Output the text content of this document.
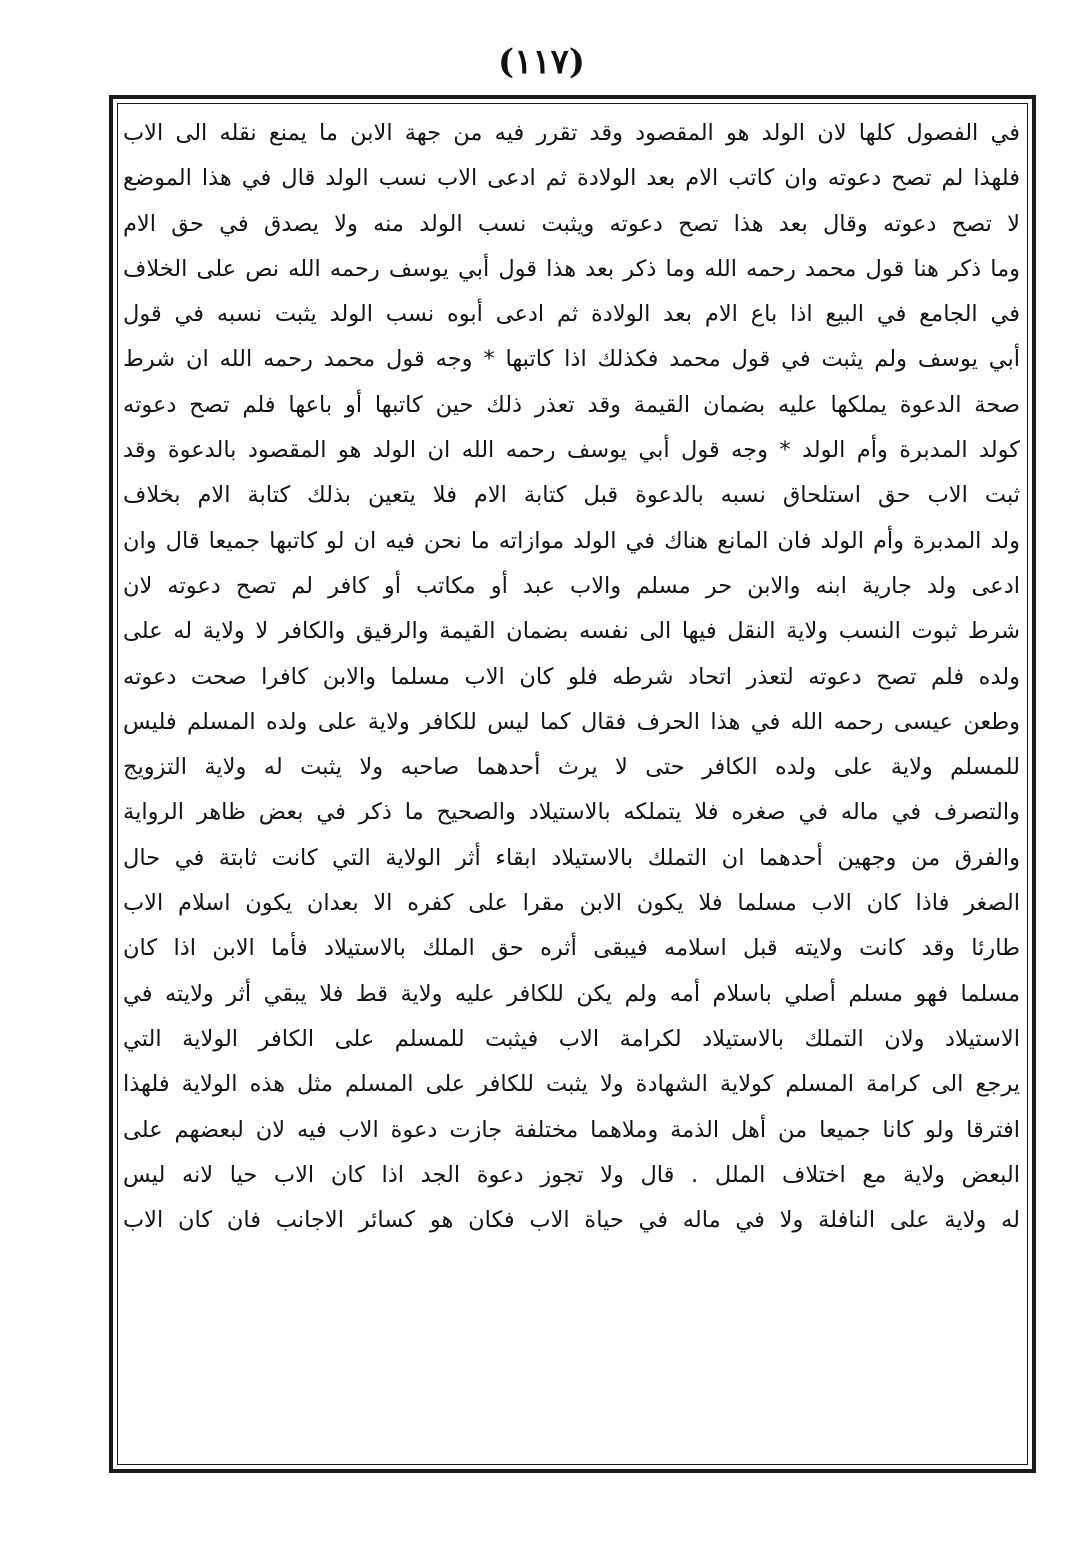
(١١٧)
في الفصول كلها لان الولد هو المقصود وقد تقرر فيه من جهة الابن ما يمنع نقله الى الاب
فلهذا لم تصح دعوته وان كاتب الام بعد الولادة ثم ادعى الاب نسب الولد قال في هذا الموضع
لا تصح دعوته وقال بعد هذا تصح دعوته ويثبت نسب الولد منه ولا يصدق في حق الام
وما ذكر هنا قول محمد رحمه الله وما ذكر بعد هذا قول أبي يوسف رحمه الله نص على الخلاف
في الجامع في البيع اذا باع الام بعد الولادة ثم ادعى أبوه نسب الولد يثبت نسبه في قول
أبي يوسف ولم يثبت في قول محمد فكذلك اذا كاتبها * وجه قول محمد رحمه الله ان شرط
صحة الدعوة يملكها عليه بضمان القيمة وقد تعذر ذلك حين كاتبها أو باعها فلم تصح دعوته
كولد المدبرة وأم الولد * وجه قول أبي يوسف رحمه الله ان الولد هو المقصود بالدعوة وقد
ثبت الاب حق استلحاق نسبه بالدعوة قبل كتابة الام فلا يتعين بذلك كتابة الام بخلاف
ولد المدبرة وأم الولد فان المانع هناك في الولد موازاته ما نحن فيه ان لو كاتبها جميعا قال وان
ادعى ولد جارية ابنه والابن حر مسلم والاب عبد أو مكاتب أو كافر لم تصح دعوته لان
شرط ثبوت النسب ولاية النقل فيها الى نفسه بضمان القيمة والرقيق والكافر لا ولاية له على
ولده فلم تصح دعوته لتعذر اتحاد شرطه فلو كان الاب مسلما والابن كافرا صحت دعوته
وطعن عيسى رحمه الله في هذا الحرف فقال كما ليس للكافر ولاية على ولده المسلم فليس
للمسلم ولاية على ولده الكافر حتى لا يرث أحدهما صاحبه ولا يثبت له ولاية التزويج
والتصرف في ماله في صغره فلا يتملكه بالاستيلاد والصحيح ما ذكر في بعض ظاهر الرواية
والفرق من وجهين أحدهما ان التملك بالاستيلاد ابقاء أثر الولاية التي كانت ثابتة في حال
الصغر فاذا كان الاب مسلما فلا يكون الابن مقرا على كفره الا بعدان يكون اسلام الاب
طارئا وقد كانت ولايته قبل اسلامه فيبقى أثره حق الملك بالاستيلاد فأما الابن اذا كان
مسلما فهو مسلم أصلي باسلام أمه ولم يكن للكافر عليه ولاية قط فلا يبقي أثر ولايته في
الاستيلاد ولان التملك بالاستيلاد لكرامة الاب فيثبت للمسلم على الكافر الولاية التي
يرجع الى كرامة المسلم كولاية الشهادة ولا يثبت للكافر على المسلم مثل هذه الولاية فلهذا
افترقا ولو كانا جميعا من أهل الذمة وملاهما مختلفة جازت دعوة الاب فيه لان لبعضهم على
البعض ولاية مع اختلاف الملل . قال ولا تجوز دعوة الجد اذا كان الاب حيا لانه ليس
له ولاية على النافلة ولا في ماله في حياة الاب فكان هو كسائر الاجانب فان كان الاب
